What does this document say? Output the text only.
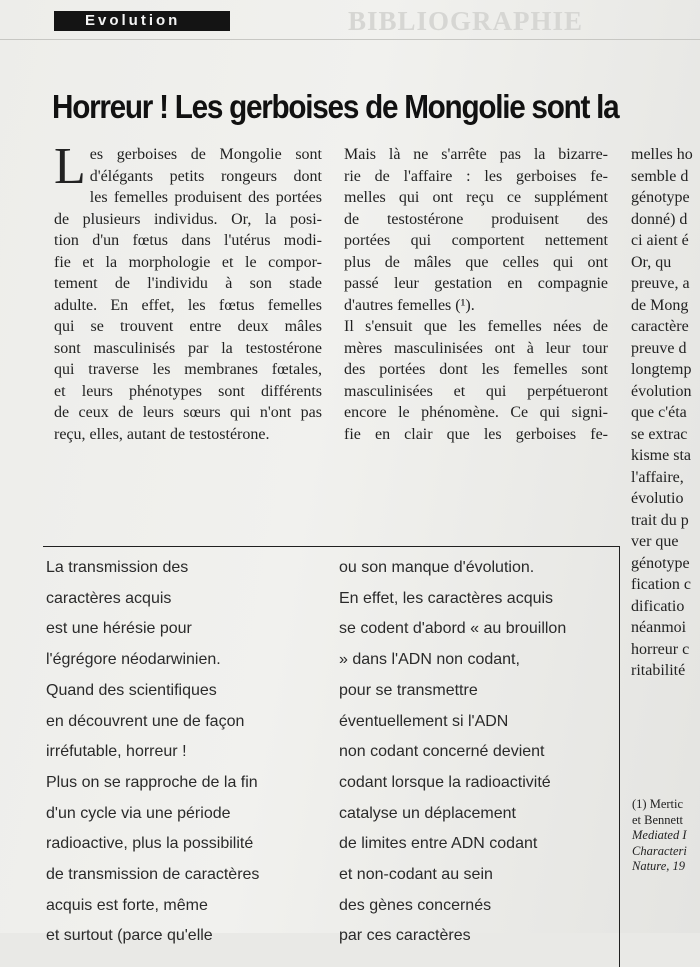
Evolution	BIBLIOGRAPHIE
Horreur ! Les gerboises de Mongolie sont la
L es gerboises de Mongolie sont
d'élégants petits rongeurs dont
les femelles produisent des portées
de plusieurs individus. Or, la posi-
tion d'un fœtus dans l'utérus modi-
fie et la morphologie et le compor-
tement de l'individu à son stade
adulte. En effet, les fœtus femelles
qui se trouvent entre deux mâles
sont masculinisés par la testostérone
qui traverse les membranes fœtales,
et leurs phénotypes sont différents
de ceux de leurs sœurs qui n'ont pas
reçu, elles, autant de testostérone.
Mais là ne s'arrête pas la bizarre-
rie de l'affaire : les gerboises fe-
melles qui ont reçu ce supplément
de testostérone produisent des
portées qui comportent nettement
plus de mâles que celles qui ont
passé leur gestation en compagnie
d'autres femelles (¹).
Il s'ensuit que les femelles nées de
mères masculinisées ont à leur tour
des portées dont les femelles sont
masculinisées et qui perpétueront
encore le phénomène. Ce qui signi-
fie en clair que les gerboises fe-
melles ho
semble d
génotype
donné) d
ci aient é
Or, qu
preuve, a
de Mong
caractère
preuve d
longtemp
évolution
que c'éta
se extrac
kisme sta
l'affaire,
évolutio
trait du p
ver que
génotype
fication c
dificatio
néanmoi
horreur c
ritabilité
La transmission des
caractères acquis
est une hérésie pour
l'égrégore néodarwinien.
Quand des scientifiques
en découvrent une de façon
irréfutable, horreur !
Plus on se rapproche de la fin
d'un cycle via une période
radioactive, plus la possibilité
de transmission de caractères
acquis est forte, même
et surtout (parce qu'elle
ou son manque d'évolution.
En effet, les caractères acquis
se codent d'abord « au brouillon
» dans l'ADN non codant,
pour se transmettre
éventuellement si l'ADN
non codant concerné devient
codant lorsque la radioactivité
catalyse un déplacement
de limites entre ADN codant
et non-codant au sein
des gènes concernés
par ces caractères
(1) Mertic
et Bennett
Mediated I
Characteri
Nature, 19
